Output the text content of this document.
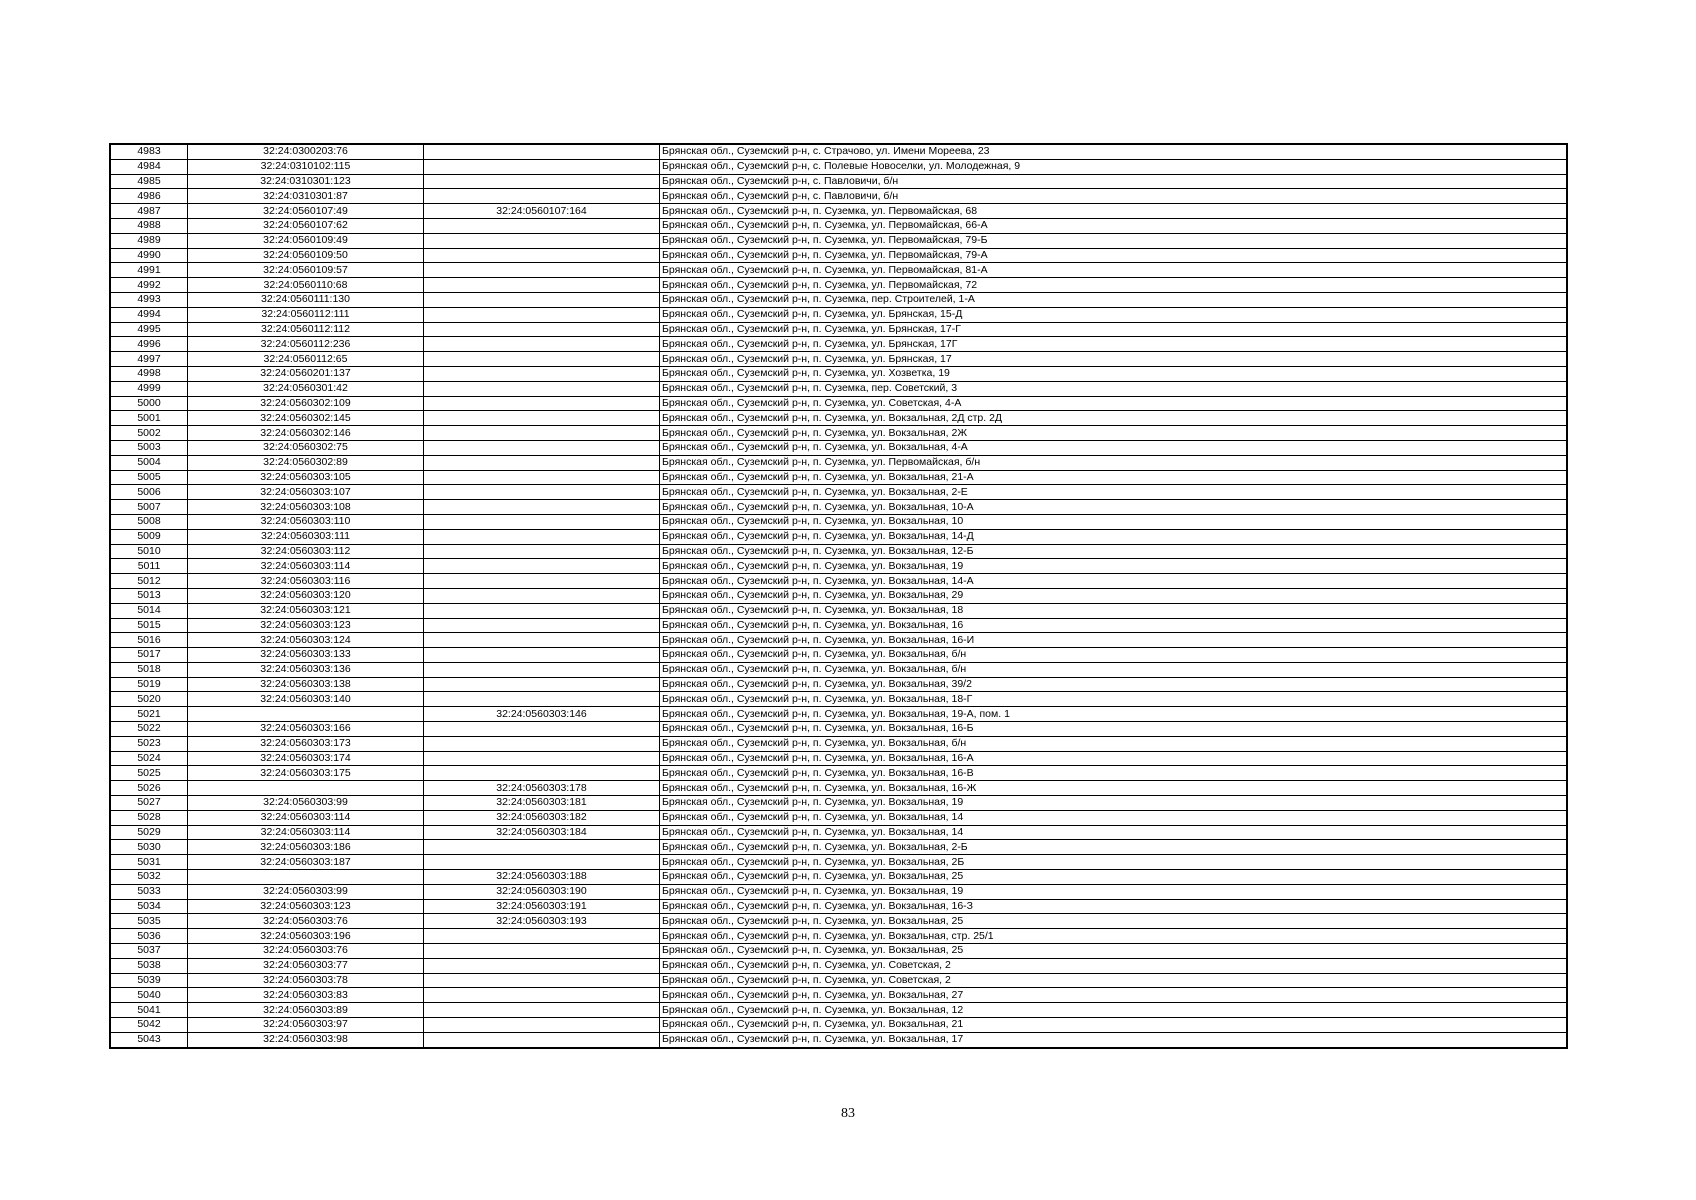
4983	32:24:0300203:76		Брянская обл., Суземский р-н, с. Страчово, ул. Имени Мореева, 23
4984	32:24:0310102:115		Брянская обл., Суземский р-н, с. Полевые Новоселки, ул. Молодежная, 9
4985	32:24:0310301:123		Брянская обл., Суземский р-н, с. Павловичи, б/н
4986	32:24:0310301:87		Брянская обл., Суземский р-н, с. Павловичи, б/н
4987	32:24:0560107:49	32:24:0560107:164	Брянская обл., Суземский р-н, п. Суземка, ул. Первомайская, 68
4988	32:24:0560107:62		Брянская обл., Суземский р-н, п. Суземка, ул. Первомайская, 66-А
4989	32:24:0560109:49		Брянская обл., Суземский р-н, п. Суземка, ул. Первомайская, 79-Б
4990	32:24:0560109:50		Брянская обл., Суземский р-н, п. Суземка, ул. Первомайская, 79-А
4991	32:24:0560109:57		Брянская обл., Суземский р-н, п. Суземка, ул. Первомайская, 81-А
4992	32:24:0560110:68		Брянская обл., Суземский р-н, п. Суземка, ул. Первомайская, 72
4993	32:24:0560111:130		Брянская обл., Суземский р-н, п. Суземка, пер. Строителей, 1-А
4994	32:24:0560112:111		Брянская обл., Суземский р-н, п. Суземка, ул. Брянская, 15-Д
4995	32:24:0560112:112		Брянская обл., Суземский р-н, п. Суземка, ул. Брянская, 17-Г
4996	32:24:0560112:236		Брянская обл., Суземский р-н, п. Суземка, ул. Брянская, 17Г
4997	32:24:0560112:65		Брянская обл., Суземский р-н, п. Суземка, ул. Брянская, 17
4998	32:24:0560201:137		Брянская обл., Суземский р-н, п. Суземка, ул. Хозветка, 19
4999	32:24:0560301:42		Брянская обл., Суземский р-н, п. Суземка, пер. Советский, 3
5000	32:24:0560302:109		Брянская обл., Суземский р-н, п. Суземка, ул. Советская, 4-А
5001	32:24:0560302:145		Брянская обл., Суземский р-н, п. Суземка, ул. Вокзальная, 2Д стр. 2Д
5002	32:24:0560302:146		Брянская обл., Суземский р-н, п. Суземка, ул. Вокзальная, 2Ж
5003	32:24:0560302:75		Брянская обл., Суземский р-н, п. Суземка, ул. Вокзальная, 4-А
5004	32:24:0560302:89		Брянская обл., Суземский р-н, п. Суземка, ул. Первомайская, б/н
5005	32:24:0560303:105		Брянская обл., Суземский р-н, п. Суземка, ул. Вокзальная, 21-А
5006	32:24:0560303:107		Брянская обл., Суземский р-н, п. Суземка, ул. Вокзальная, 2-Е
5007	32:24:0560303:108		Брянская обл., Суземский р-н, п. Суземка, ул. Вокзальная, 10-А
5008	32:24:0560303:110		Брянская обл., Суземский р-н, п. Суземка, ул. Вокзальная, 10
5009	32:24:0560303:111		Брянская обл., Суземский р-н, п. Суземка, ул. Вокзальная, 14-Д
5010	32:24:0560303:112		Брянская обл., Суземский р-н, п. Суземка, ул. Вокзальная, 12-Б
5011	32:24:0560303:114		Брянская обл., Суземский р-н, п. Суземка, ул. Вокзальная, 19
5012	32:24:0560303:116		Брянская обл., Суземский р-н, п. Суземка, ул. Вокзальная, 14-А
5013	32:24:0560303:120		Брянская обл., Суземский р-н, п. Суземка, ул. Вокзальная, 29
5014	32:24:0560303:121		Брянская обл., Суземский р-н, п. Суземка, ул. Вокзальная, 18
5015	32:24:0560303:123		Брянская обл., Суземский р-н, п. Суземка, ул. Вокзальная, 16
5016	32:24:0560303:124		Брянская обл., Суземский р-н, п. Суземка, ул. Вокзальная, 16-И
5017	32:24:0560303:133		Брянская обл., Суземский р-н, п. Суземка, ул. Вокзальная, б/н
5018	32:24:0560303:136		Брянская обл., Суземский р-н, п. Суземка, ул. Вокзальная, б/н
5019	32:24:0560303:138		Брянская обл., Суземский р-н, п. Суземка, ул. Вокзальная, 39/2
5020	32:24:0560303:140		Брянская обл., Суземский р-н, п. Суземка, ул. Вокзальная, 18-Г
5021		32:24:0560303:146	Брянская обл., Суземский р-н, п. Суземка, ул. Вокзальная, 19-А, пом. 1
5022	32:24:0560303:166		Брянская обл., Суземский р-н, п. Суземка, ул. Вокзальная, 16-Б
5023	32:24:0560303:173		Брянская обл., Суземский р-н, п. Суземка, ул. Вокзальная, б/н
5024	32:24:0560303:174		Брянская обл., Суземский р-н, п. Суземка, ул. Вокзальная, 16-А
5025	32:24:0560303:175		Брянская обл., Суземский р-н, п. Суземка, ул. Вокзальная, 16-В
5026		32:24:0560303:178	Брянская обл., Суземский р-н, п. Суземка, ул. Вокзальная, 16-Ж
5027	32:24:0560303:99	32:24:0560303:181	Брянская обл., Суземский р-н, п. Суземка, ул. Вокзальная, 19
5028	32:24:0560303:114	32:24:0560303:182	Брянская обл., Суземский р-н, п. Суземка, ул. Вокзальная, 14
5029	32:24:0560303:114	32:24:0560303:184	Брянская обл., Суземский р-н, п. Суземка, ул. Вокзальная, 14
5030	32:24:0560303:186		Брянская обл., Суземский р-н, п. Суземка, ул. Вокзальная, 2-Б
5031	32:24:0560303:187		Брянская обл., Суземский р-н, п. Суземка, ул. Вокзальная, 2Б
5032		32:24:0560303:188	Брянская обл., Суземский р-н, п. Суземка, ул. Вокзальная, 25
5033	32:24:0560303:99	32:24:0560303:190	Брянская обл., Суземский р-н, п. Суземка, ул. Вокзальная, 19
5034	32:24:0560303:123	32:24:0560303:191	Брянская обл., Суземский р-н, п. Суземка, ул. Вокзальная, 16-З
5035	32:24:0560303:76	32:24:0560303:193	Брянская обл., Суземский р-н, п. Суземка, ул. Вокзальная, 25
5036	32:24:0560303:196		Брянская обл., Суземский р-н, п. Суземка, ул. Вокзальная, стр. 25/1
5037	32:24:0560303:76		Брянская обл., Суземский р-н, п. Суземка, ул. Вокзальная, 25
5038	32:24:0560303:77		Брянская обл., Суземский р-н, п. Суземка, ул. Советская, 2
5039	32:24:0560303:78		Брянская обл., Суземский р-н, п. Суземка, ул. Советская, 2
5040	32:24:0560303:83		Брянская обл., Суземский р-н, п. Суземка, ул. Вокзальная, 27
5041	32:24:0560303:89		Брянская обл., Суземский р-н, п. Суземка, ул. Вокзальная, 12
5042	32:24:0560303:97		Брянская обл., Суземский р-н, п. Суземка, ул. Вокзальная, 21
5043	32:24:0560303:98		Брянская обл., Суземский р-н, п. Суземка, ул. Вокзальная, 17
83
